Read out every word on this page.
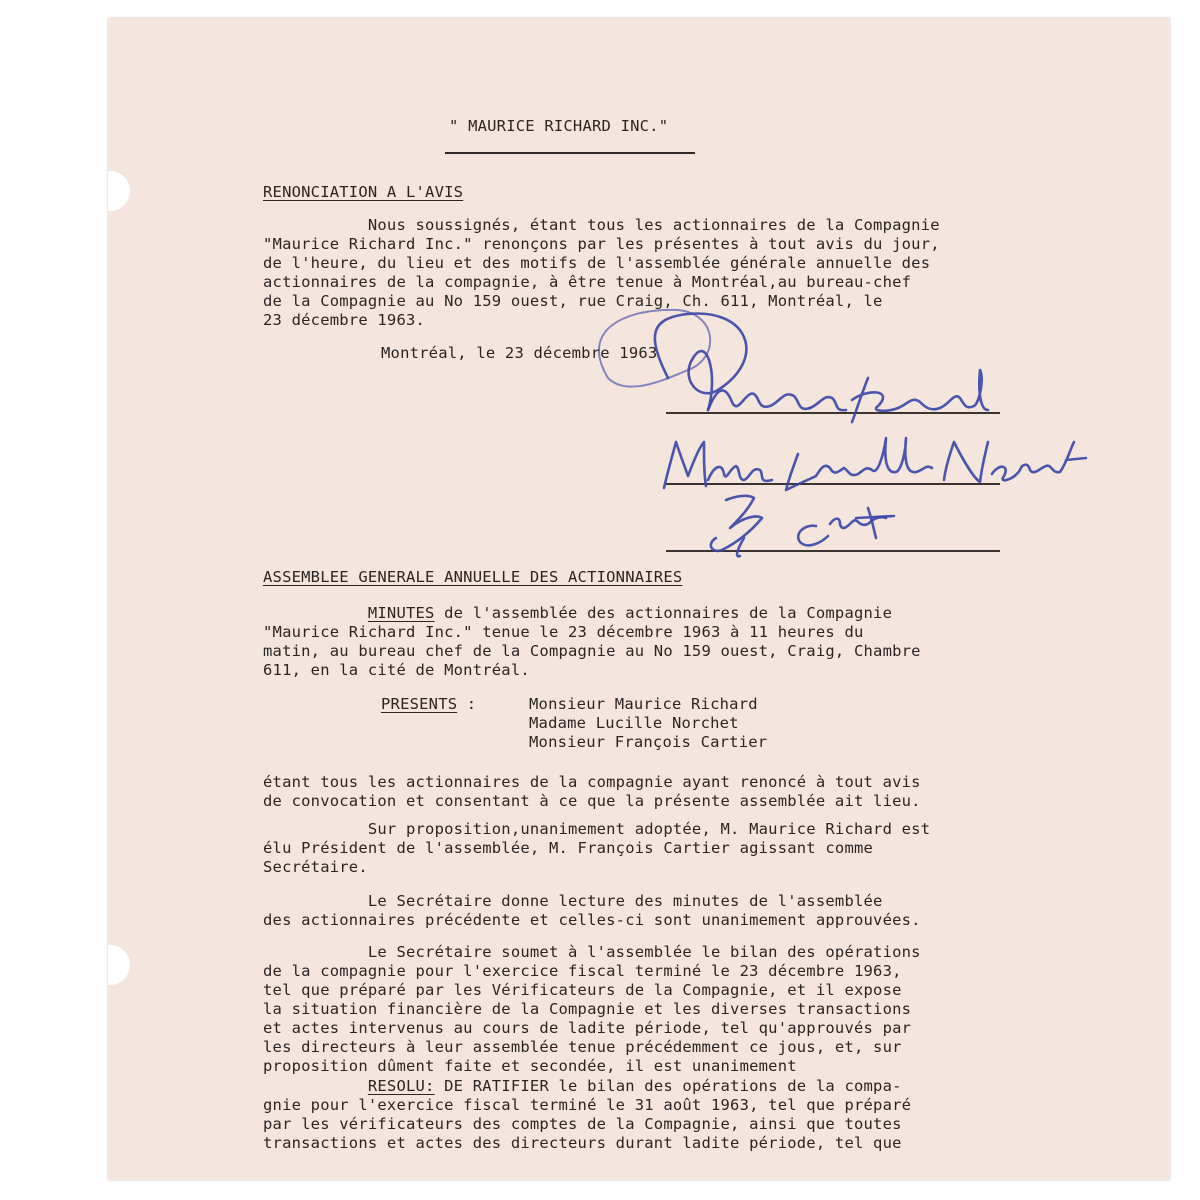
" MAURICE RICHARD INC."
RENONCIATION A L'AVIS
Nous soussignés, étant tous les actionnaires de la Compagnie
"Maurice Richard Inc." renonçons par les présentes à tout avis du jour,
de l'heure, du lieu et des motifs de l'assemblée générale annuelle des
actionnaires de la compagnie, à être tenue à Montréal,au bureau-chef
de la Compagnie au No 159 ouest, rue Craig, Ch. 611, Montréal, le
23 décembre 1963.
Montréal, le 23 décembre 1963
ASSEMBLEE GENERALE ANNUELLE DES ACTIONNAIRES
MINUTES de l'assemblée des actionnaires de la Compagnie
"Maurice Richard Inc." tenue le 23 décembre 1963 à 11 heures du
matin, au bureau chef de la Compagnie au No 159 ouest, Craig, Chambre
611, en la cité de Montréal.
PRESENTS :	Monsieur Maurice Richard
Madame Lucille Norchet
Monsieur François Cartier
étant tous les actionnaires de la compagnie ayant renoncé à tout avis
de convocation et consentant à ce que la présente assemblée ait lieu.
Sur proposition,unanimement adoptée, M. Maurice Richard est
élu Président de l'assemblée, M. François Cartier agissant comme
Secrétaire.
Le Secrétaire donne lecture des minutes de l'assemblée
des actionnaires précédente et celles-ci sont unanimement approuvées.
Le Secrétaire soumet à l'assemblée le bilan des opérations
de la compagnie pour l'exercice fiscal terminé le 23 décembre 1963,
tel que préparé par les Vérificateurs de la Compagnie, et il expose
la situation financière de la Compagnie et les diverses transactions
et actes intervenus au cours de ladite période, tel qu'approuvés par
les directeurs à leur assemblée tenue précédemment ce jous, et, sur
proposition dûment faite et secondée, il est unanimement
RESOLU: DE RATIFIER le bilan des opérations de la compa-
gnie pour l'exercice fiscal terminé le 31 août 1963, tel que préparé
par les vérificateurs des comptes de la Compagnie, ainsi que toutes
transactions et actes des directeurs durant ladite période, tel que
